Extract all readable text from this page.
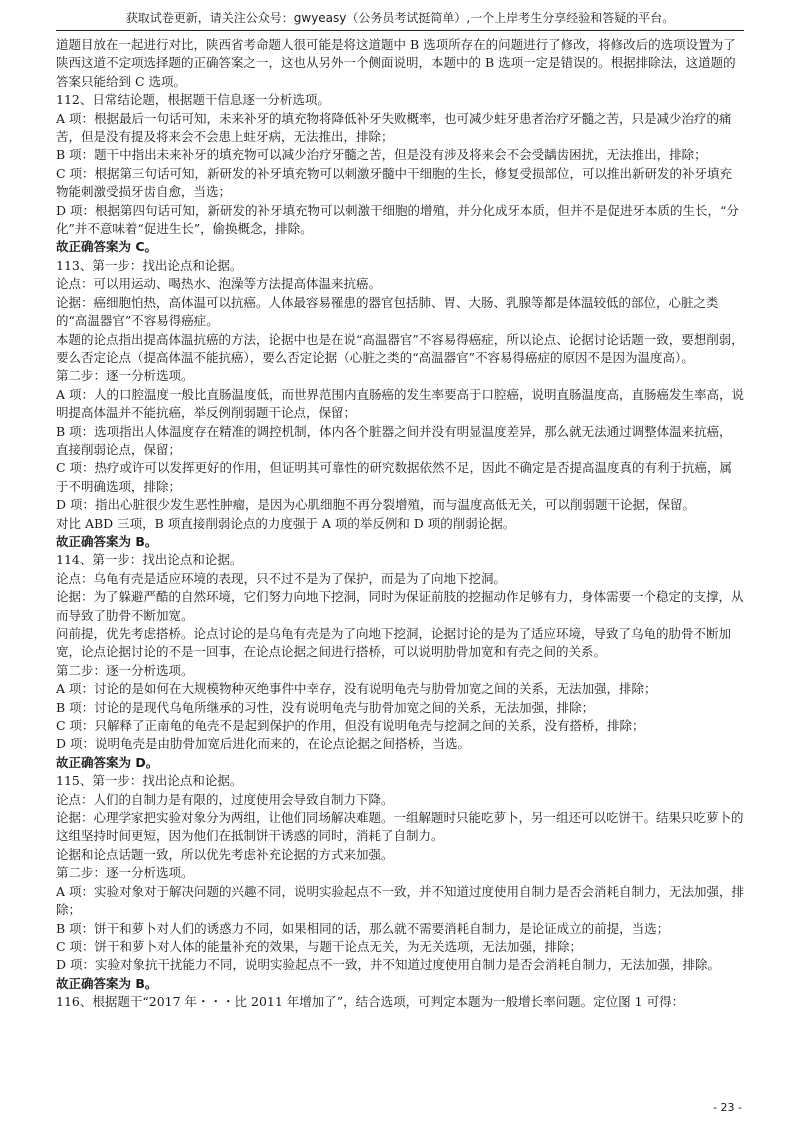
获取试卷更新，请关注公众号：gwyeasy（公务员考试挺简单）,一个上岸考生分享经验和答疑的平台。

道题目放在一起进行对比，陕西省考命题人很可能是将这道题中 B 选项所存在的问题进行了修改，将修改后的选项设置为了陕西这道不定项选择题的正确答案之一，这也从另外一个侧面说明，本题中的 B 选项一定是错误的。根据排除法，这道题的答案只能给到 C 选项。

112、日常结论题，根据题干信息逐一分析选项。

A 项：根据最后一句话可知，未来补牙的填充物将降低补牙失败概率，也可减少蛀牙患者治疗牙髓之苦，只是减少治疗的痛苦，但是没有提及将来会不会患上蛀牙病，无法推出，排除；

B 项：题干中指出未来补牙的填充物可以减少治疗牙髓之苦，但是没有涉及将来会不会受龋齿困扰，无法推出，排除；

C 项：根据第三句话可知，新研发的补牙填充物可以刺激牙髓中干细胞的生长，修复受损部位，可以推出新研发的补牙填充物能刺激受损牙齿自愈，当选；

D 项：根据第四句话可知，新研发的补牙填充物可以刺激干细胞的增殖，并分化成牙本质，但并不是促进牙本质的生长，“分化”并不意味着“促进生长”，偷换概念，排除。

故正确答案为 C。

113、第一步：找出论点和论据。

论点：可以用运动、喝热水、泡澡等方法提高体温来抗癌。

论据：癌细胞怕热，高体温可以抗癌。人体最容易罹患的器官包括肺、胃、大肠、乳腺等都是体温较低的部位，心脏之类的“高温器官”不容易得癌症。

本题的论点指出提高体温抗癌的方法，论据中也是在说“高温器官”不容易得癌症，所以论点、论据讨论话题一致，要想削弱，要么否定论点（提高体温不能抗癌），要么否定论据（心脏之类的“高温器官”不容易得癌症的原因不是因为温度高）。

第二步：逐一分析选项。

A 项：人的口腔温度一般比直肠温度低，而世界范围内直肠癌的发生率要高于口腔癌，说明直肠温度高，直肠癌发生率高，说明提高体温并不能抗癌，举反例削弱题干论点，保留；

B 项：选项指出人体温度存在精准的调控机制，体内各个脏器之间并没有明显温度差异，那么就无法通过调整体温来抗癌，直接削弱论点，保留；

C 项：热疗或许可以发挥更好的作用，但证明其可靠性的研究数据依然不足，因此不确定是否提高温度真的有利于抗癌，属于不明确选项，排除；

D 项：指出心脏很少发生恶性肿瘤，是因为心肌细胞不再分裂增殖，而与温度高低无关，可以削弱题干论据，保留。

对比 ABD 三项，B 项直接削弱论点的力度强于 A 项的举反例和 D 项的削弱论据。

故正确答案为 B。

114、第一步：找出论点和论据。

论点：乌龟有壳是适应环境的表现，只不过不是为了保护，而是为了向地下挖洞。

论据：为了躲避严酷的自然环境，它们努力向地下挖洞，同时为保证前肢的挖掘动作足够有力，身体需要一个稳定的支撑，从而导致了肋骨不断加宽。

问前提，优先考虑搭桥。论点讨论的是乌龟有壳是为了向地下挖洞，论据讨论的是为了适应环境，导致了乌龟的肋骨不断加宽，论点论据讨论的不是一回事，在论点论据之间进行搭桥，可以说明肋骨加宽和有壳之间的关系。

第二步：逐一分析选项。

A 项：讨论的是如何在大规模物种灭绝事件中幸存，没有说明龟壳与肋骨加宽之间的关系，无法加强，排除；

B 项：讨论的是现代乌龟所继承的习性，没有说明龟壳与肋骨加宽之间的关系，无法加强，排除；

C 项：只解释了正南龟的龟壳不是起到保护的作用，但没有说明龟壳与挖洞之间的关系，没有搭桥，排除；

D 项：说明龟壳是由肋骨加宽后进化而来的，在论点论据之间搭桥，当选。

故正确答案为 D。

115、第一步：找出论点和论据。

论点：人们的自制力是有限的，过度使用会导致自制力下降。

论据：心理学家把实验对象分为两组，让他们同场解决难题。一组解题时只能吃萝卜，另一组还可以吃饼干。结果只吃萝卜的这组坚持时间更短，因为他们在抵制饼干诱惑的同时，消耗了自制力。

论据和论点话题一致，所以优先考虑补充论据的方式来加强。

第二步：逐一分析选项。

A 项：实验对象对于解决问题的兴趣不同，说明实验起点不一致，并不知道过度使用自制力是否会消耗自制力，无法加强，排除；

B 项：饼干和萝卜对人们的诱惑力不同，如果相同的话，那么就不需要消耗自制力，是论证成立的前提，当选；

C 项：饼干和萝卜对人体的能量补充的效果，与题干论点无关，为无关选项，无法加强，排除；

D 项：实验对象抗干扰能力不同，说明实验起点不一致，并不知道过度使用自制力是否会消耗自制力，无法加强，排除。

故正确答案为 B。

116、根据题干“2017 年・・・比 2011 年增加了”，结合选项，可判定本题为一般增长率问题。定位图 1 可得：

- 23 -
